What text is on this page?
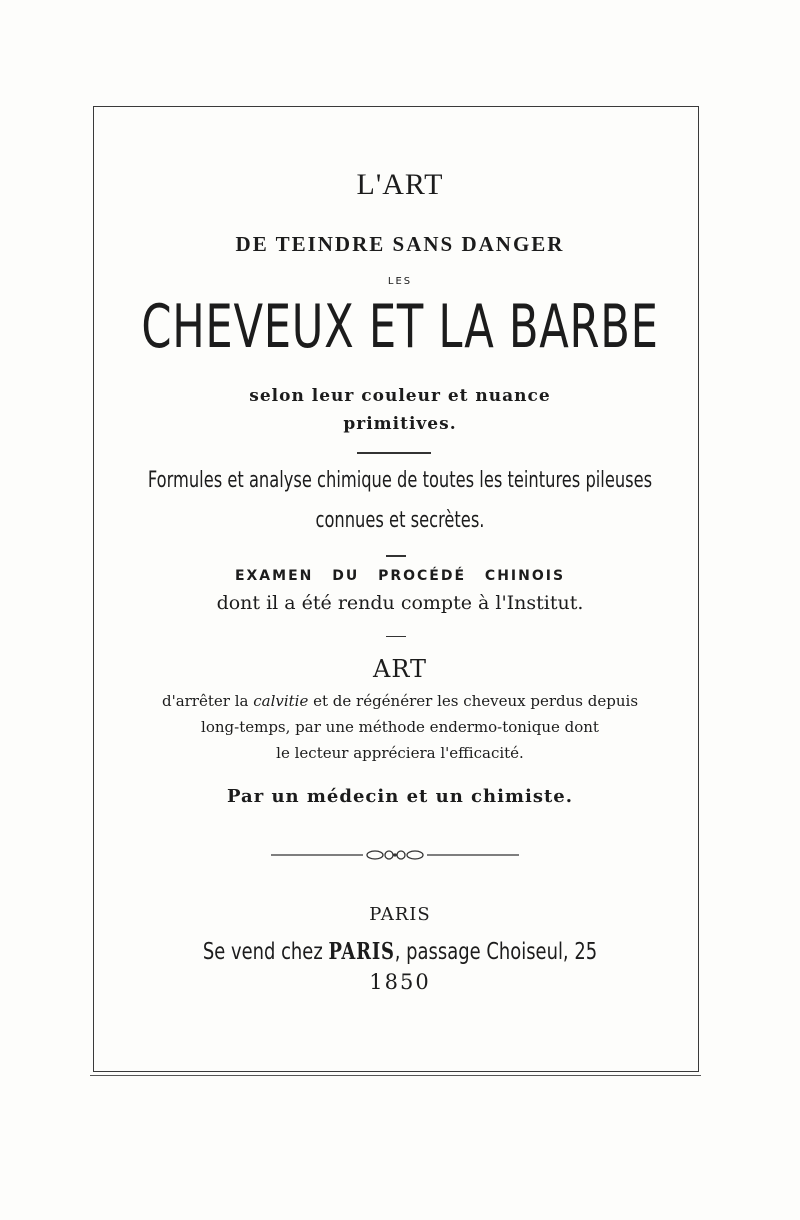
L'ART
DE TEINDRE SANS DANGER
LES
CHEVEUX ET LA BARBE
selon leur couleur et nuance
primitives.
Formules et analyse chimique de toutes les teintures pileuses
connues et secrètes.
EXAMEN DU PROCÉDÉ CHINOIS
dont il a été rendu compte à l'Institut.
ART
d'arrêter la calvitie et de régénérer les cheveux perdus depuis
long-temps, par une méthode endermo-tonique dont
le lecteur appréciera l'efficacité.
Par un médecin et un chimiste.
PARIS
Se vend chez PARIS, passage Choiseul, 25
1850
